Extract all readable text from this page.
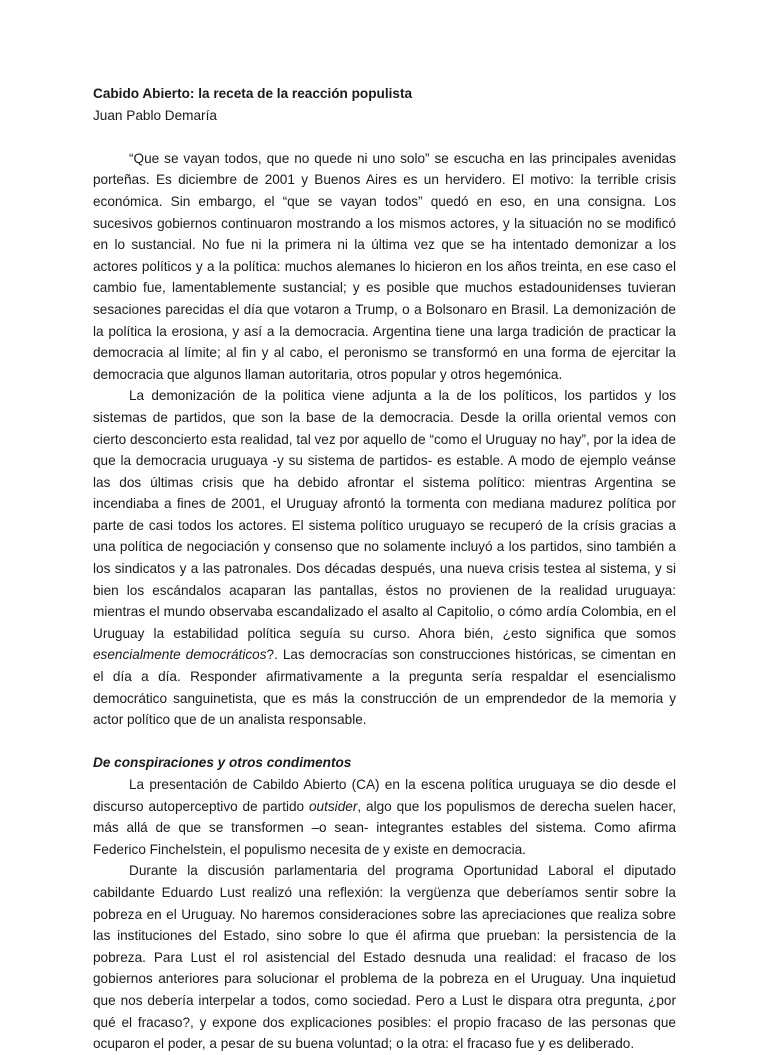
Cabido Abierto: la receta de la reacción populista

Juan Pablo Demaría

“Que se vayan todos, que no quede ni uno solo” se escucha en las principales avenidas porteñas. Es diciembre de 2001 y Buenos Aires es un hervidero. El motivo: la terrible crisis económica. Sin embargo, el “que se vayan todos” quedó en eso, en una consigna. Los sucesivos gobiernos continuaron mostrando a los mismos actores, y la situación no se modificó en lo sustancial. No fue ni la primera ni la última vez que se ha intentado demonizar a los actores políticos y a la política: muchos alemanes lo hicieron en los años treinta, en ese caso el cambio fue, lamentablemente sustancial; y es posible que muchos estadounidenses tuvieran sesaciones parecidas el día que votaron a Trump, o a Bolsonaro en Brasil. La demonización de la política la erosiona, y así a la democracia. Argentina tiene una larga tradición de practicar la democracia al límite; al fin y al cabo, el peronismo se transformó en una forma de ejercitar la democracia que algunos llaman autoritaria, otros popular y otros hegemónica.

La demonización de la politica viene adjunta a la de los políticos, los partidos y los sistemas de partidos, que son la base de la democracia. Desde la orilla oriental vemos con cierto desconcierto esta realidad, tal vez por aquello de “como el Uruguay no hay”, por la idea de que la democracia uruguaya -y su sistema de partidos- es estable. A modo de ejemplo veánse las dos últimas crisis que ha debido afrontar el sistema político: mientras Argentina se incendiaba a fines de 2001, el Uruguay afrontó la tormenta con mediana madurez política por parte de casi todos los actores. El sistema político uruguayo se recuperó de la crísis gracias a una política de negociación y consenso que no solamente incluyó a los partidos, sino también a los sindicatos y a las patronales. Dos décadas después, una nueva crisis testea al sistema, y si bien los escándalos acaparan las pantallas, éstos no provienen de la realidad uruguaya: mientras el mundo observaba escandalizado el asalto al Capitolio, o cómo ardía Colombia, en el Uruguay la estabilidad política seguía su curso. Ahora bién, ¿esto significa que somos esencialmente democráticos?. Las democracías son construcciones históricas, se cimentan en el día a día. Responder afirmativamente a la pregunta sería respaldar el esencialismo democrático sanguinetista, que es más la construcción de un emprendedor de la memoria y actor político que de un analista responsable.

De conspiraciones y otros condimentos

La presentación de Cabildo Abierto (CA) en la escena política uruguaya se dio desde el discurso autoperceptivo de partido outsider, algo que los populismos de derecha suelen hacer, más allá de que se transformen –o sean- integrantes estables del sistema. Como afirma Federico Finchelstein, el populismo necesita de y existe en democracia.

Durante la discusión parlamentaria del programa Oportunidad Laboral el diputado cabildante Eduardo Lust realizó una reflexión: la vergüenza que deberíamos sentir sobre la pobreza en el Uruguay. No haremos consideraciones sobre las apreciaciones que realiza sobre las instituciones del Estado, sino sobre lo que él afirma que prueban: la persistencia de la pobreza. Para Lust el rol asistencial del Estado desnuda una realidad: el fracaso de los gobiernos anteriores para solucionar el problema de la pobreza en el Uruguay. Una inquietud que nos debería interpelar a todos, como sociedad. Pero a Lust le dispara otra pregunta, ¿por qué el fracaso?, y expone dos explicaciones posibles: el propio fracaso de las personas que ocuparon el poder, a pesar de su buena voluntad; o la otra: el fracaso fue y es deliberado.
